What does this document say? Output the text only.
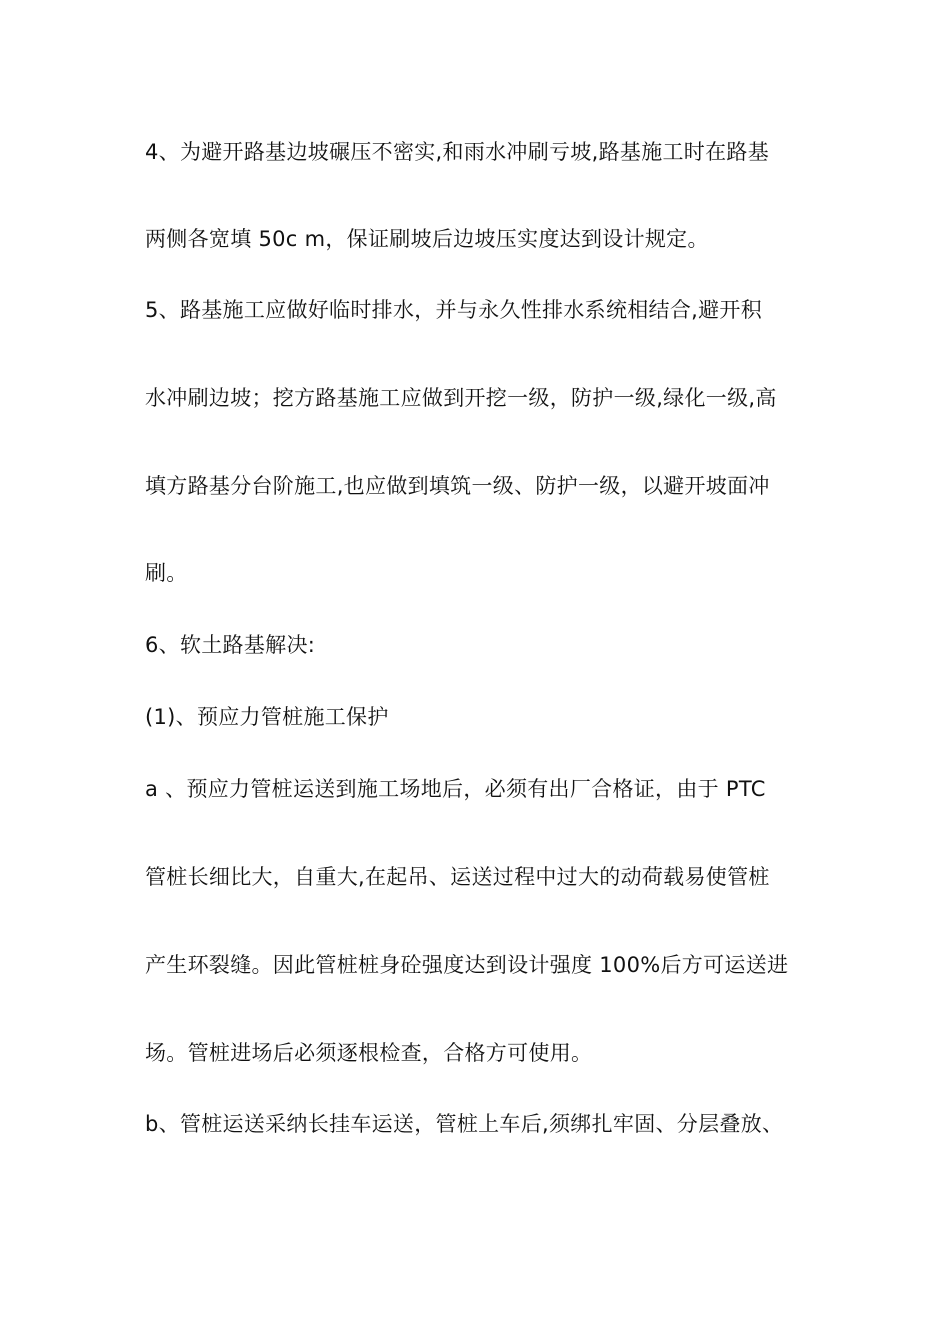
4、为避开路基边坡碾压不密实,和雨水冲刷亏坡,路基施工时在路基
两侧各宽填 50c m，保证刷坡后边坡压实度达到设计规定。
5、路基施工应做好临时排水，并与永久性排水系统相结合,避开积
水冲刷边坡；挖方路基施工应做到开挖一级，防护一级,绿化一级,高
填方路基分台阶施工,也应做到填筑一级、防护一级，以避开坡面冲
刷。
6、软土路基解决:
(1)、预应力管桩施工保护
a 、预应力管桩运送到施工场地后，必须有出厂合格证，由于 PTC
管桩长细比大，自重大,在起吊、运送过程中过大的动荷载易使管桩
产生环裂缝。因此管桩桩身砼强度达到设计强度 100%后方可运送进
场。管桩进场后必须逐根检查，合格方可使用。
b、管桩运送采纳长挂车运送，管桩上车后,须绑扎牢固、分层叠放、
